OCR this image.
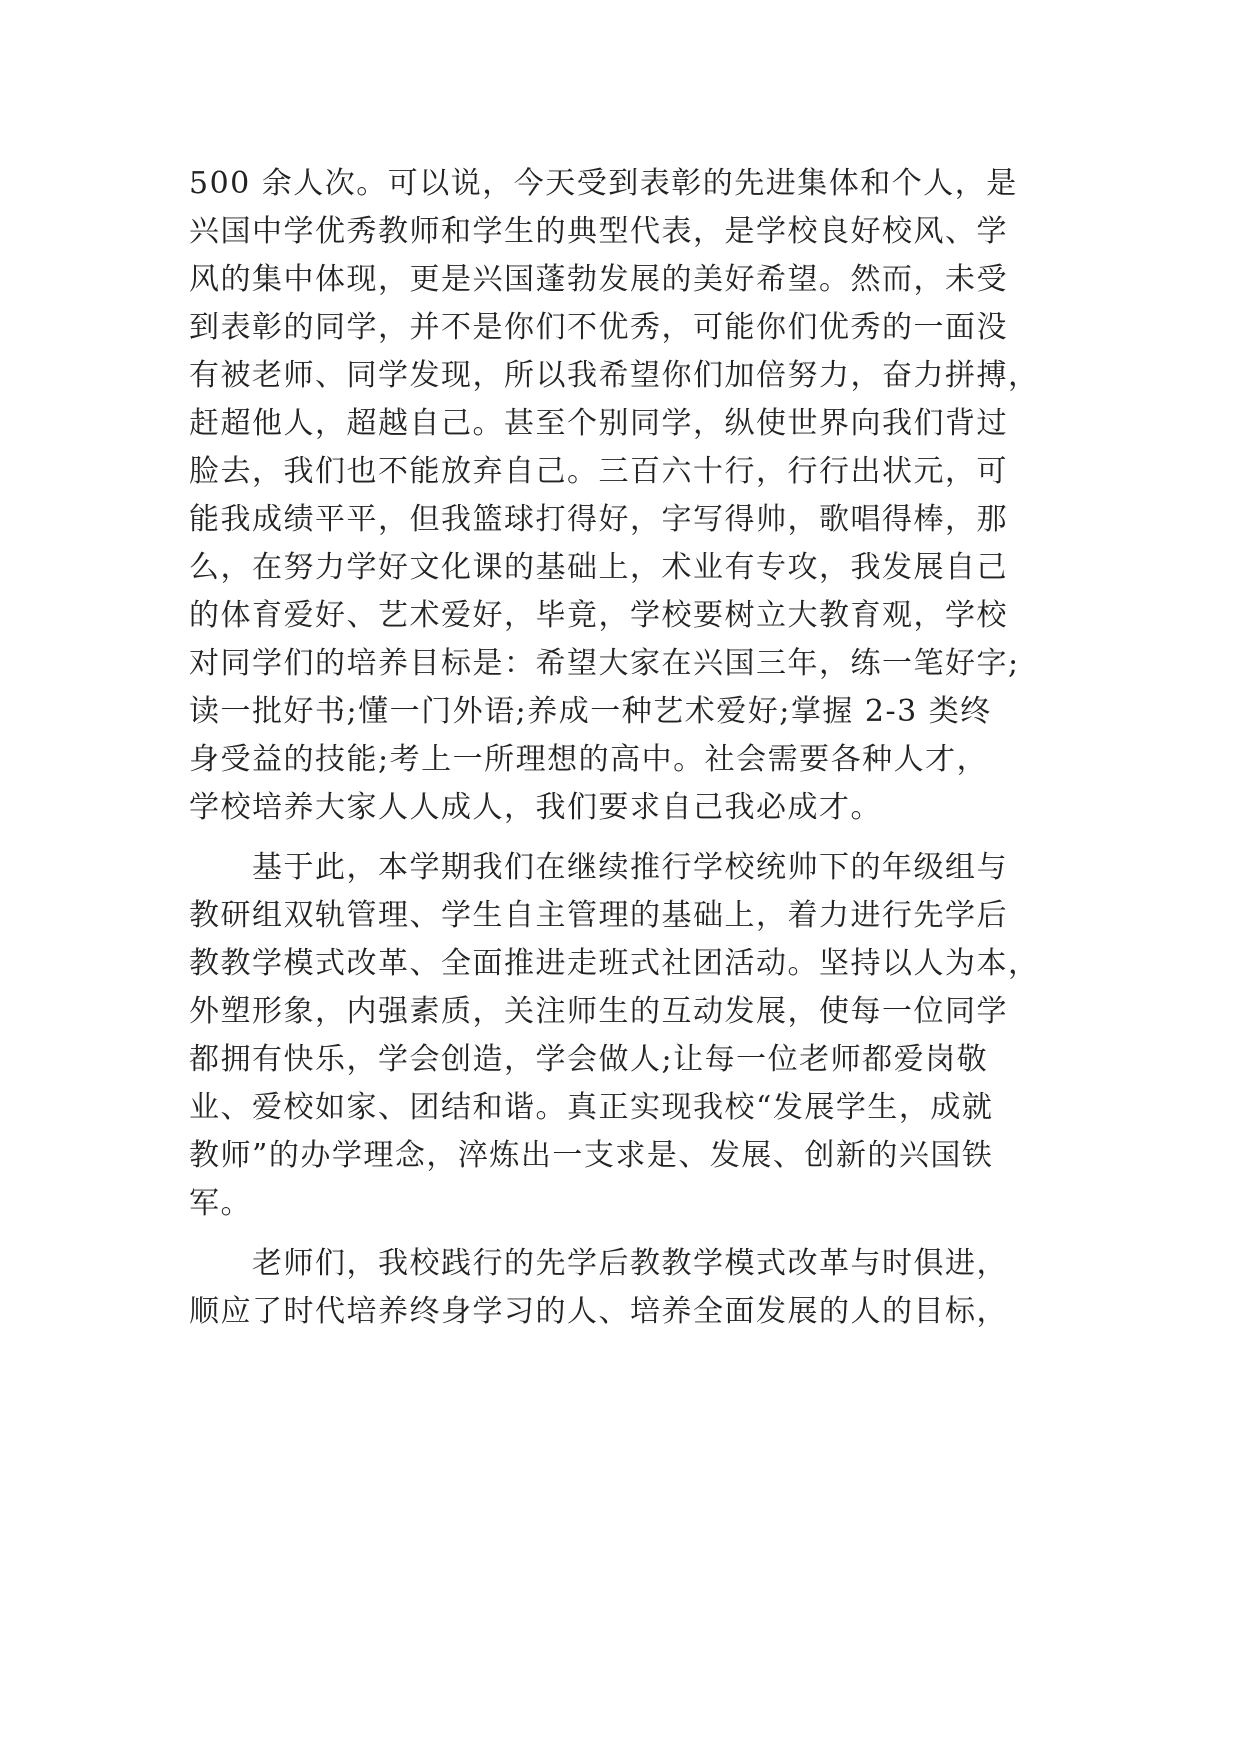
500 余人次。可以说，今天受到表彰的先进集体和个人，是

兴国中学优秀教师和学生的典型代表，是学校良好校风、学

风的集中体现，更是兴国蓬勃发展的美好希望。然而，未受

到表彰的同学，并不是你们不优秀，可能你们优秀的一面没

有被老师、同学发现，所以我希望你们加倍努力，奋力拼搏，

赶超他人，超越自己。甚至个别同学，纵使世界向我们背过

脸去，我们也不能放弃自己。三百六十行，行行出状元，可

能我成绩平平，但我篮球打得好，字写得帅，歌唱得棒，那

么，在努力学好文化课的基础上，术业有专攻，我发展自己

的体育爱好、艺术爱好，毕竟，学校要树立大教育观，学校

对同学们的培养目标是：希望大家在兴国三年，练一笔好字;

读一批好书;懂一门外语;养成一种艺术爱好;掌握 2-3 类终

身受益的技能;考上一所理想的高中。社会需要各种人才，

学校培养大家人人成人，我们要求自己我必成才。

　　基于此，本学期我们在继续推行学校统帅下的年级组与

教研组双轨管理、学生自主管理的基础上，着力进行先学后

教教学模式改革、全面推进走班式社团活动。坚持以人为本，

外塑形象，内强素质，关注师生的互动发展，使每一位同学

都拥有快乐，学会创造，学会做人;让每一位老师都爱岗敬

业、爱校如家、团结和谐。真正实现我校“发展学生，成就

教师”的办学理念，淬炼出一支求是、发展、创新的兴国铁

军。

　　老师们，我校践行的先学后教教学模式改革与时俱进，

顺应了时代培养终身学习的人、培养全面发展的人的目标，
